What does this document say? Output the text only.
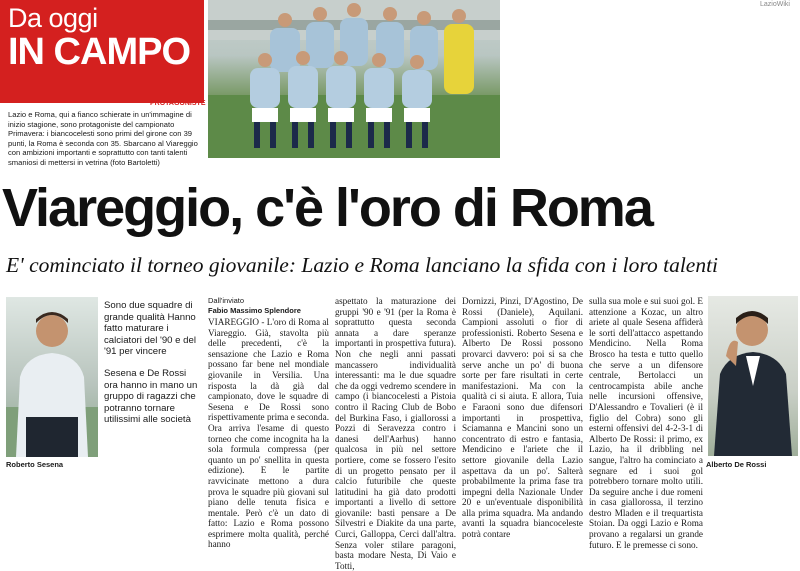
Da oggi
IN CAMPO
PROTAGONISTE
Lazio e Roma, qui a fianco schierate in un'immagine di inizio stagione, sono protagoniste del campionato Primavera: i biancocelesti sono primi del girone con 39 punti, la Roma è seconda con 35. Sbarcano al Viareggio con ambizioni importanti e soprattutto con tanti talenti smaniosi di mettersi in vetrina (foto Bartoletti)
LazioWiki
Viareggio, c'è l'oro di Roma
E' cominciato il torneo giovanile: Lazio e Roma lanciano la sfida con i loro talenti
Roberto Sesena
Sono due squadre di grande qualità Hanno fatto maturare i calciatori del '90 e del '91 per vincere
Sesena e De Rossi ora hanno in mano un gruppo di ragazzi che potranno tornare utilissimi alle società
Dall'inviato
Fabio Massimo Splendore

VIAREGGIO - L'oro di Roma al Viareggio. Già, stavolta più delle precedenti, c'è la sensazione che Lazio e Roma possano far bene nel mondiale giovanile in Versilia. Una risposta la dà già dal campionato, dove le squadre di Sesena e De Rossi sono rispettivamente prima e seconda. Ora arriva l'esame di questo torneo che come incognita ha la sola formula compressa (per quanto un po' snellita in questa edizione). E le partite ravvicinate mettono a dura prova le squadre più giovani sul piano delle tenuta fisica e mentale. Però c'è un dato di fatto: Lazio e Roma possono esprimere molta qualità, perché hanno

aspettato la maturazione dei gruppi '90 e '91 (per la Roma è soprattutto questa seconda annata a dare speranze importanti in prospettiva futura). Non che negli anni passati mancassero individualità interessanti: ma le due squadre che da oggi vedremo scendere in campo (i biancocelesti a Pistoia contro il Racing Club de Bobo del Burkina Faso, i giallorossi a Pozzi di Seravezza contro i danesi dell'Aarhus) hanno qualcosa in più nel settore portiere, come se fossero l'esito di un progetto pensato per il calcio futuribile che queste latitudini ha già dato prodotti importanti a livello di settore giovanile: basti pensare a De Silvestri e Diakite da una parte, Curci, Galloppa, Cerci dall'altra. Senza voler stilare paragoni, basta modare Nesta, Di Vaio e Totti,

Dornizzi, Pinzi, D'Agostino, De Rossi (Daniele), Aquilani. Campioni assoluti o fior di professionisti. Roberto Sesena e Alberto De Rossi possono provarci davvero: poi si sa che serve anche un po' di buona sorte per fare risultati in certe manifestazioni. Ma con la qualità ci si aiuta. E allora, Tuia e Faraoni sono due difensori importanti in prospettiva, Sciamanna e Mancini sono un concentrato di estro e fantasia, Mendicino e l'ariete che il settore giovanile della Lazio aspettava da un po'. Salterà probabilmente la prima fase tra impegni della Nazionale Under 20 e un'eventuale disponibilità alla prima squadra. Ma andando avanti la squadra biancoceleste potrà contare

sulla sua mole e sui suoi gol. E attenzione a Kozac, un altro ariete al quale Sesena affiderà le sorti dell'attacco aspettando Mendicino. Nella Roma Brosco ha testa e tutto quello che serve a un difensore centrale, Bertolacci un centrocampista abile anche nelle incursioni offensive, D'Alessandro e Tovalieri (è il figlio del Cobra) sono gli esterni offensivi del 4-2-3-1 di Alberto De Rossi: il primo, ex Lazio, ha il dribbling nel sangue, l'altro ha cominciato a segnare ed i suoi gol potrebbero tornare molto utili. Da seguire anche i due romeni in casa giallorossa, il terzino destro Mladen e il trequartista Stoian. Da oggi Lazio e Roma provano a regalarsi un grande futuro. E le premesse ci sono.

Alberto De Rossi
